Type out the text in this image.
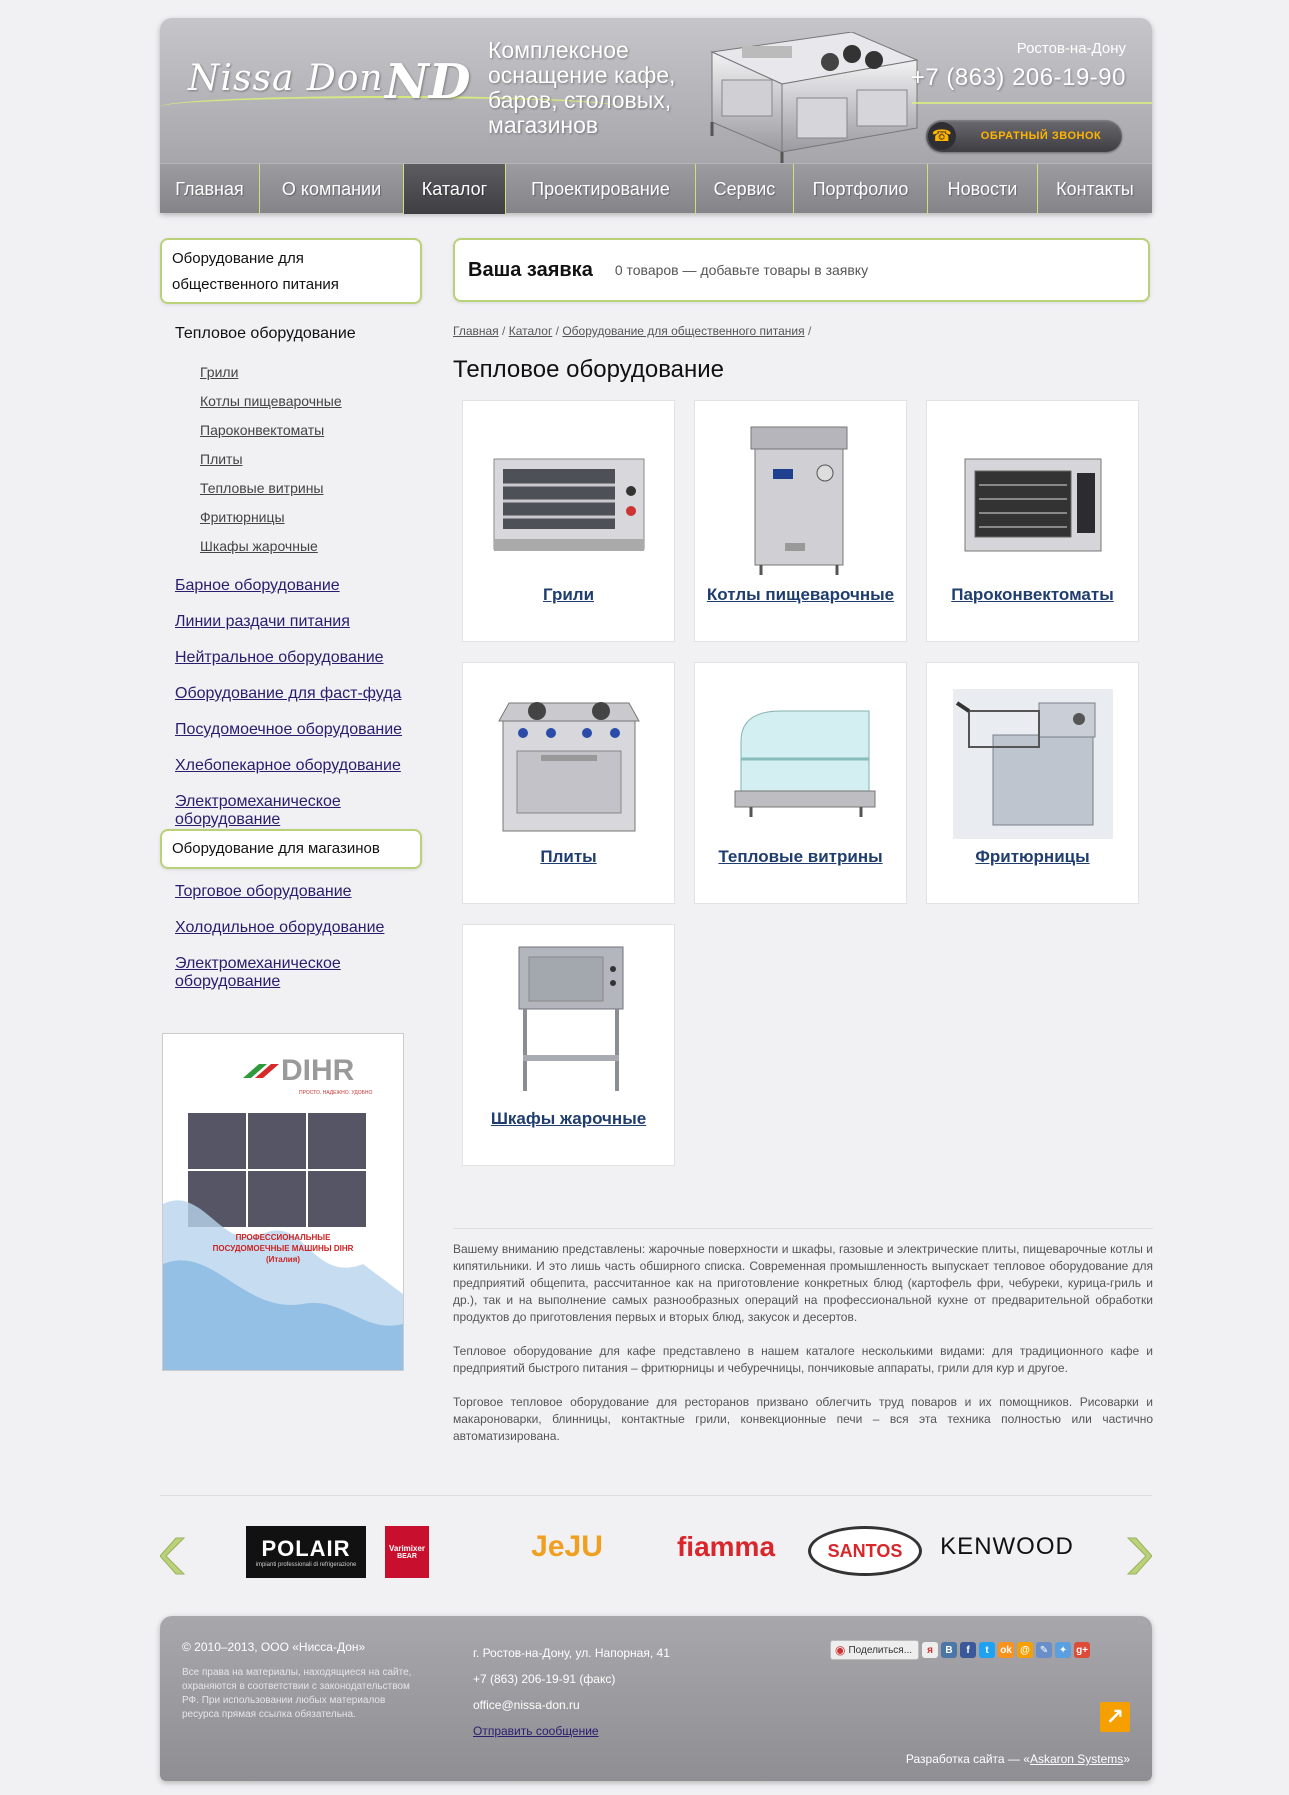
Nissa Don ND
Комплексное оснащение кафе, баров, столовых, магазинов
Ростов-на-Дону
+7 (863) 206-19-90
☎	ОБРАТНЫЙ ЗВОНОК
Главная	О компании	Каталог	Проектирование	Сервис	Портфолио	Новости	Контакты
Оборудование для общественного питания
Тепловое оборудование
Грили
Котлы пищеварочные
Пароконвектоматы
Плиты
Тепловые витрины
Фритюрницы
Шкафы жарочные
Барное оборудование
Линии раздачи питания
Нейтральное оборудование
Оборудование для фаст-фуда
Посудомоечное оборудование
Хлебопекарное оборудование
Электромеханическое оборудование
Оборудование для магазинов
Торговое оборудование
Холодильное оборудование
Электромеханическое оборудование
DIHR
ПРОСТО. НАДЕЖНО. УДОБНО
ПРОФЕССИОНАЛЬНЫЕ
ПОСУДОМОЕЧНЫЕ МАШИНЫ DIHR
(Италия)
Ваша заявка 0 товаров — добавьте товары в заявку
Главная / Каталог / Оборудование для общественного питания /
Тепловое оборудование
Грили	Котлы пищеварочные	Пароконвектоматы
Плиты	Тепловые витрины	Фритюрницы
Шкафы жарочные

Вашему вниманию представлены: жарочные поверхности и шкафы, газовые и электрические плиты, пищеварочные котлы и кипятильники. И это лишь часть обширного списка. Современная промышленность выпускает тепловое оборудование для предприятий общепита, рассчитанное как на приготовление конкретных блюд (картофель фри, чебуреки, курица-гриль и др.), так и на выполнение самых разнообразных операций на профессиональной кухне от предварительной обработки продуктов до приготовления первых и вторых блюд, закусок и десертов.

Тепловое оборудование для кафе представлено в нашем каталоге несколькими видами: для традиционного кафе и предприятий быстрого питания – фритюрницы и чебуречницы, пончиковые аппараты, грили для кур и другое.

Торговое тепловое оборудование для ресторанов призвано облегчить труд поваров и их помощников. Рисоварки и макароноварки, блинницы, контактные грили, конвекционные печи – вся эта техника полностью или частично автоматизирована.

POLAIR
impianti professionali di refrigerazione
Varimixer
BEAR	JeJU	fiamma	SANTOS	KENWOOD
© 2010–2013, ООО «Нисса-Дон»
Все права на материалы, находящиеся на сайте, охраняются в соответствии с законодательством РФ. При использовании любых материалов ресурса прямая ссылка обязательна.
г. Ростов-на-Дону, ул. Напорная, 41
+7 (863) 206-19-91 (факс)
office@nissa-don.ru
Отправить сообщение
◉ Поделиться...	я	B	f	t	ok @ ✎	✦ g+
↗
Разработка сайта — «Askaron Systems»
